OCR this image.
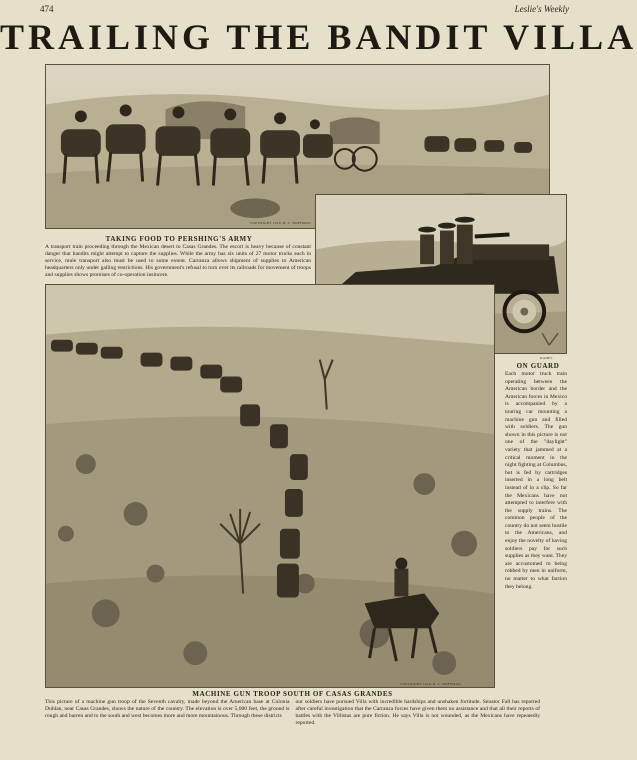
474	Leslie's Weekly
TRAILING THE BANDIT VILLA
COPYRIGHT 1916, H. C. HOFFMAN
TAKING FOOD TO PERSHING'S ARMY
A transport train proceeding through the Mexican desert to Casas Grandes. The escort is heavy because of constant danger that bandits might attempt to capture the supplies. While the army has six units of 27 motor trucks each in service, mule transport also must be used to some extent. Carranza allows shipment of supplies to American headquarters only under galling restrictions. His government's refusal to turn over its railroads for movement of troops and supplies shows promises of co-operation insincere.
KADEL
ON GUARD
Each motor truck train operating between the American border and the American forces in Mexico is accompanied by a touring car mounting a machine gun and filled with soldiers. The gun shown in this picture is not one of the "daylight" variety that jammed at a critical moment in the night fighting at Columbus, but is fed by cartridges inserted in a long belt instead of in a clip. So far the Mexicans have not attempted to interfere with the supply trains. The common people of the country do not seem hostile to the Americans, and enjoy the novelty of having soldiers pay for such supplies as they want. They are accustomed to being robbed by men in uniform, no matter to what faction they belong.
COPYRIGHT 1916, H. C. HOFFMAN
MACHINE GUN TROOP SOUTH OF CASAS GRANDES
This picture of a machine gun troop of the Seventh cavalry, made beyond the American base at Colonia Dublan, near Casas Grandes, shows the nature of the country. The elevation is over 5,000 feet, the ground is rough and barren and to the south and west becomes more and more mountainous. Through these districts
our soldiers have pursued Villa with incredible hardships and unshaken fortitude. Senator Fall has reported after careful investigation that the Carranza forces have given them no assistance and that all their reports of battles with the Villistas are pure fiction. He says Villa is not wounded, as the Mexicans have repeatedly reported.
